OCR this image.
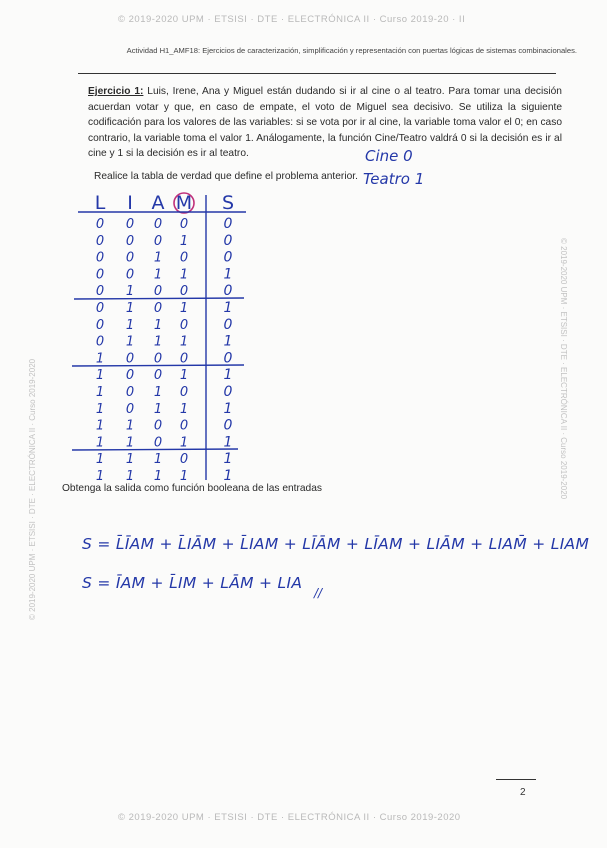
© 2019-2020 UPM · ETSISI · DTE · ELECTRÓNICA II · Curso 2019-20 · II
© 2019-2020 UPM · ETSISI · DTE · ELECTRÓNICA II · Curso 2019-2020	© 2019-2020 UPM · ETSISI · DTE · ELECTRÓNICA II · Curso 2019-2020
Actividad H1_AMF18: Ejercicios de caracterización, simplificación y representación con puertas lógicas de sistemas combinacionales.
Ejercicio 1: Luis, Irene, Ana y Miguel están dudando si ir al cine o al teatro. Para tomar una decisión acuerdan votar y que, en caso de empate, el voto de Miguel sea decisivo. Se utiliza la siguiente codificación para los valores de las variables: si se vota por ir al cine, la variable toma valor el 0; en caso contrario, la variable toma el valor 1. Análogamente, la función Cine/Teatro valdrá 0 si la decisión es ir al cine y 1 si la decisión es ir al teatro.
Realice la tabla de verdad que define el problema anterior.
Cine 0
Teatro 1
L I A M S
0 0 0 0	0
0 0 0 1	0
0 0 1 0	0
0 0 1 1	1
0 1 0 0	0
0 1 0 1	1
0 1 1 0	0
0 1 1 1	1
1 0 0 0	0
1 0 0 1	1
1 0 1 0	0
1 0 1 1	1
1 1 0 0	0
1 1 0 1	1
1 1 1 0	1
1 1 1 1	1
Obtenga la salida como función booleana de las entradas
S = L̄ĪAM + L̄IĀM + L̄IAM + LĪĀM + LĪAM + LIĀM + LIAM̄ + LIAM
S = ĪAM + L̄IM + LĀM + LIA
//
2
© 2019-2020 UPM · ETSISI · DTE · ELECTRÓNICA II · Curso 2019-2020
